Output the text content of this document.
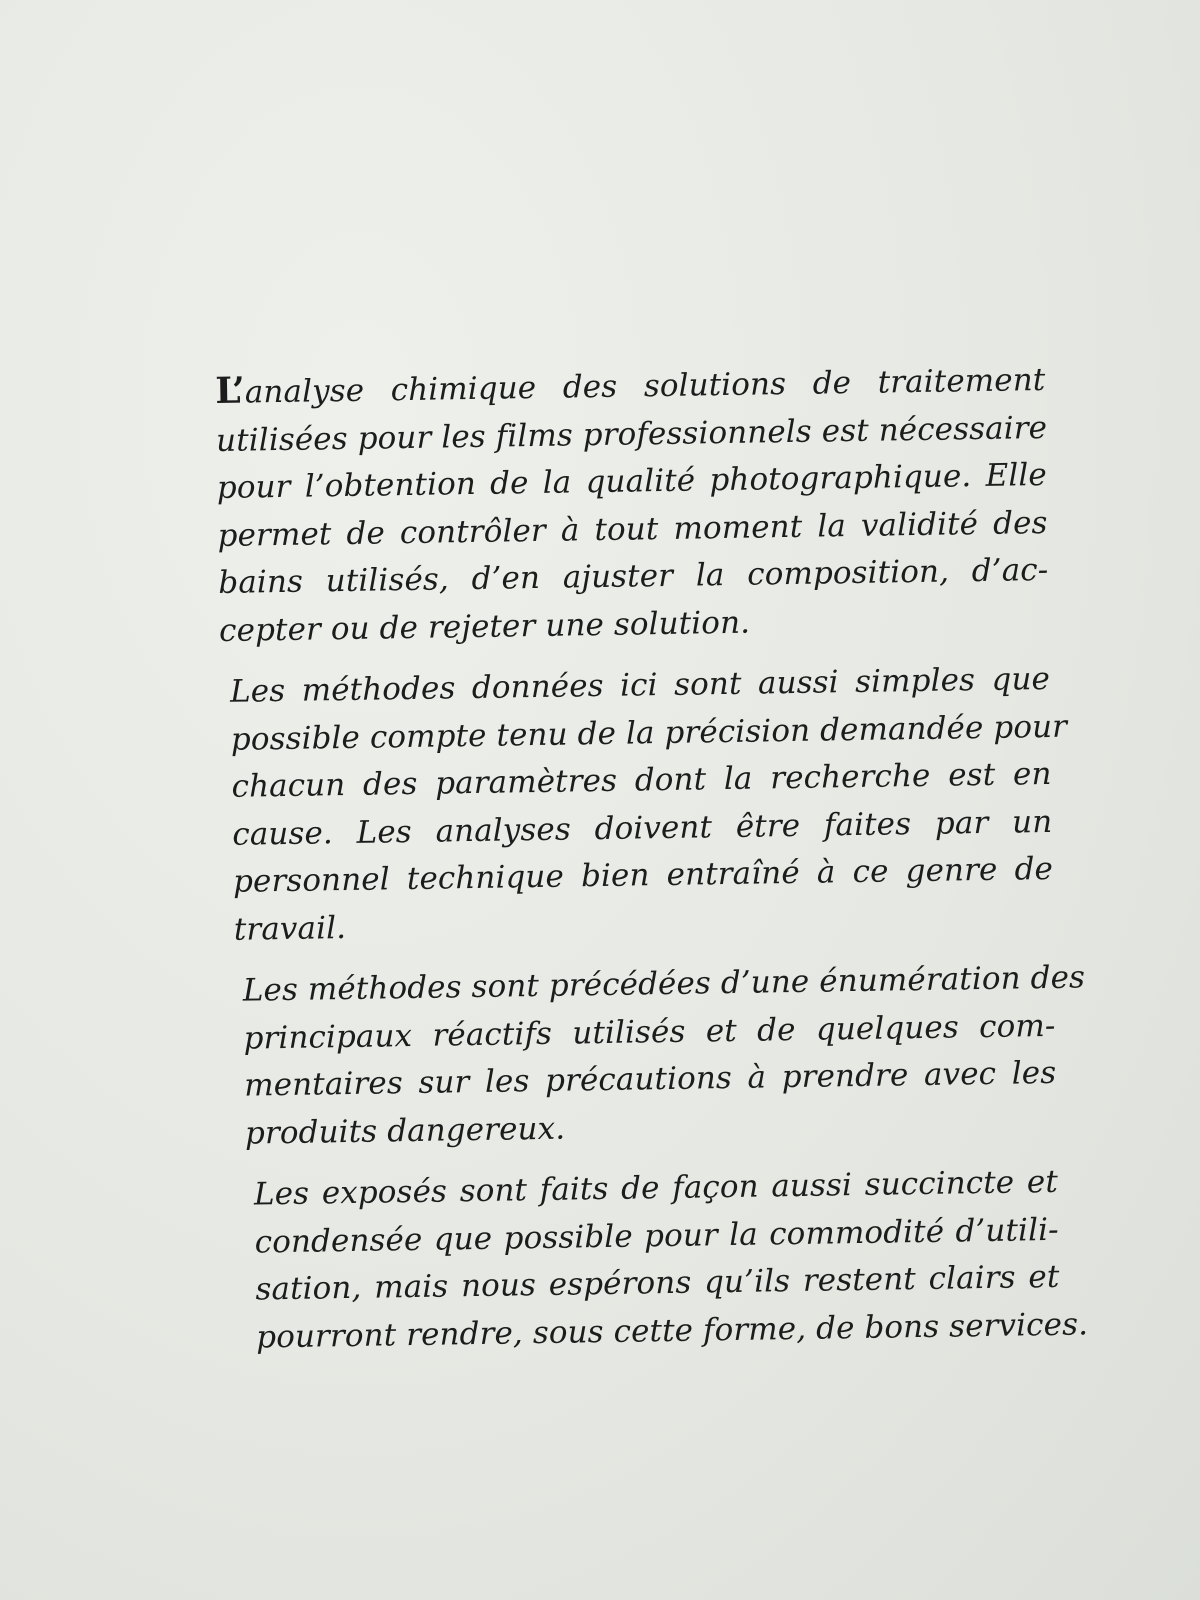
L’analyse chimique des solutions de traitement
utilisées pour les films professionnels est nécessaire
pour l’obtention de la qualité photographique. Elle
permet de contrôler à tout moment la validité des
bains utilisés, d’en ajuster la composition, d’ac-
cepter ou de rejeter une solution.
Les méthodes données ici sont aussi simples que
possible compte tenu de la précision demandée pour
chacun des paramètres dont la recherche est en
cause. Les analyses doivent être faites par un
personnel technique bien entraîné à ce genre de
travail.
Les méthodes sont précédées d’une énumération des
principaux réactifs utilisés et de quelques com-
mentaires sur les précautions à prendre avec les
produits dangereux.
Les exposés sont faits de façon aussi succincte et
condensée que possible pour la commodité d’utili-
sation, mais nous espérons qu’ils restent clairs et
pourront rendre, sous cette forme, de bons services.
